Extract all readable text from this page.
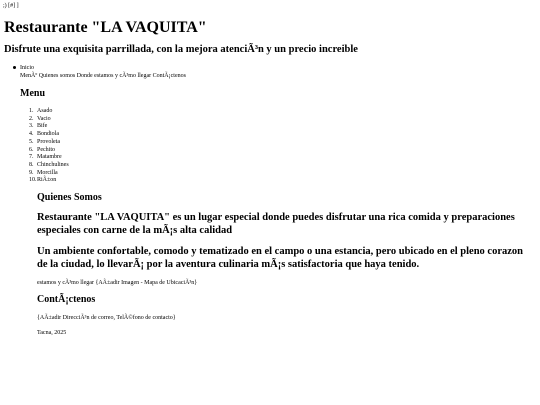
;) [#] ]
Restaurante "LA VAQUITA"
Disfrute una exquisita parrillada, con la mejora atenciÃ³n y un precio increible
Inicio
MenÃº Quienes somos Donde estamos y cÃ³mo llegar ContÃ¡ctenos
Menu
1. Asado
2. Vacio
3. Bife
4. Bondiola
5. Provoleta
6. Pechito
7. Matambre
8. Chinchulines
9. Morcilla
10. RiÃ±on
Quienes Somos
Restaurante "LA VAQUITA" es un lugar especial donde puedes disfrutar una rica comida y preparaciones especiales con carne de la mÃ¡s alta calidad
Un ambiente confortable, comodo y tematizado en el campo o una estancia, pero ubicado en el pleno corazon de la ciudad, lo llevarÃ¡ por la aventura culinaria mÃ¡s satisfactoria que haya tenido.

estamos y cÃ³mo llegar {AÃ±adir Imagen - Mapa de UbicaciÃ³n}

ContÃ¡ctenos

{AÃ±adir DirecciÃ³n de correo, TelÃ©fono de contacto}

Tacna, 2025
